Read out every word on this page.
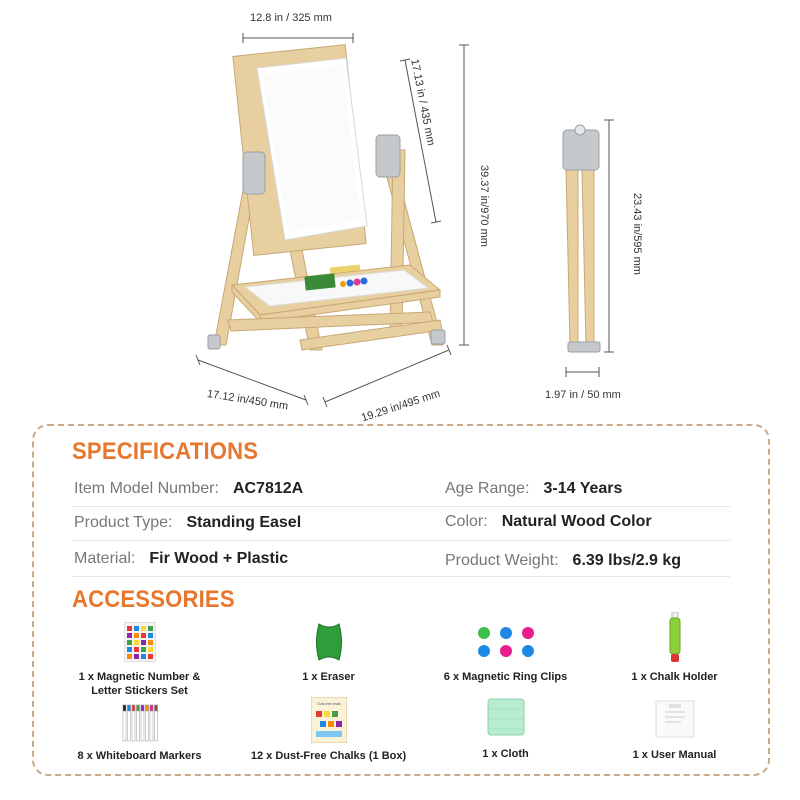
12.8 in / 325 mm
17.13 in / 435 mm
39.37 in/970 mm
17.12 in/450 mm	19.29 in/495 mm
23.43 in/595 mm
1.97 in / 50 mm
SPECIFICATIONS
Item Model Number: AC7812A	Age Range: 3-14 Years
Product Type: Standing Easel	Color: Natural Wood Color
Material: Fir Wood + Plastic	Product Weight: 6.39 lbs/2.9 kg
ACCESSORIES
1 x Magnetic Number &
Letter Stickers Set
1 x Eraser	6 x Magnetic Ring Clips	1 x Chalk Holder
8 x Whiteboard Markers
Dust-free chalk
12 x Dust-Free Chalks (1 Box)	1 x Cloth	1 x User Manual
